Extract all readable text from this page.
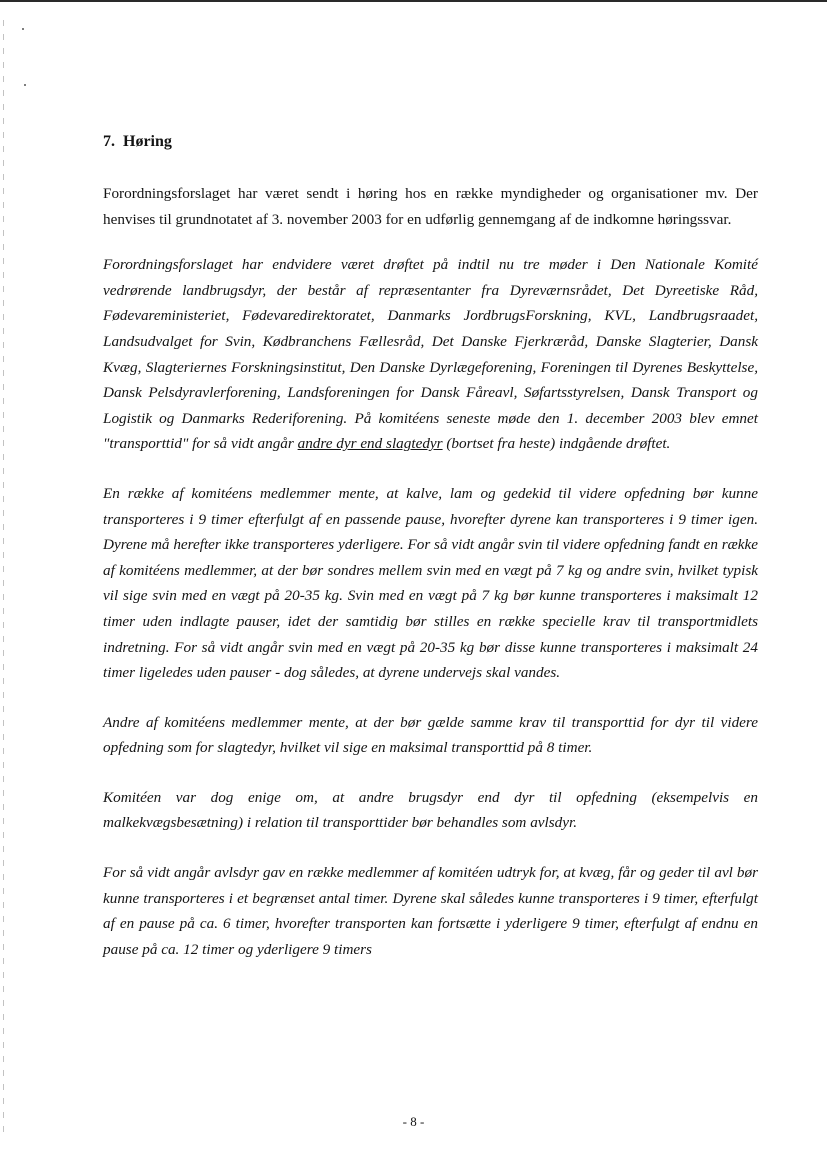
7. Høring

Forordningsforslaget har været sendt i høring hos en række myndigheder og organisationer mv. Der henvises til grundnotatet af 3. november 2003 for en udførlig gennemgang af de indkomne høringssvar.

Forordningsforslaget har endvidere været drøftet på indtil nu tre møder i Den Nationale Komité vedrørende landbrugsdyr, der består af repræsentanter fra Dyreværnsrådet, Det Dyreetiske Råd, Fødevareministeriet, Fødevaredirektoratet, Danmarks JordbrugsForskning, KVL, Landbrugsraadet, Landsudvalget for Svin, Kødbranchens Fællesråd, Det Danske Fjerkræråd, Danske Slagterier, Dansk Kvæg, Slagteriernes Forskningsinstitut, Den Danske Dyrlægeforening, Foreningen til Dyrenes Beskyttelse, Dansk Pelsdyravlerforening, Landsforeningen for Dansk Fåreavl, Søfartsstyrelsen, Dansk Transport og Logistik og Danmarks Rederiforening. På komitéens seneste møde den 1. december 2003 blev emnet "transporttid" for så vidt angår andre dyr end slagtedyr (bortset fra heste) indgående drøftet.

En række af komitéens medlemmer mente, at kalve, lam og gedekid til videre opfedning bør kunne transporteres i 9 timer efterfulgt af en passende pause, hvorefter dyrene kan transporteres i 9 timer igen. Dyrene må herefter ikke transporteres yderligere. For så vidt angår svin til videre opfedning fandt en række af komitéens medlemmer, at der bør sondres mellem svin med en vægt på 7 kg og andre svin, hvilket typisk vil sige svin med en vægt på 20-35 kg. Svin med en vægt på 7 kg bør kunne transporteres i maksimalt 12 timer uden indlagte pauser, idet der samtidig bør stilles en række specielle krav til transportmidlets indretning. For så vidt angår svin med en vægt på 20-35 kg bør disse kunne transporteres i maksimalt 24 timer ligeledes uden pauser - dog således, at dyrene undervejs skal vandes.

Andre af komitéens medlemmer mente, at der bør gælde samme krav til transporttid for dyr til videre opfedning som for slagtedyr, hvilket vil sige en maksimal transporttid på 8 timer.

Komitéen var dog enige om, at andre brugsdyr end dyr til opfedning (eksempelvis en malkekvægsbesætning) i relation til transporttider bør behandles som avlsdyr.

For så vidt angår avlsdyr gav en række medlemmer af komitéen udtryk for, at kvæg, får og geder til avl bør kunne transporteres i et begrænset antal timer. Dyrene skal således kunne transporteres i 9 timer, efterfulgt af en pause på ca. 6 timer, hvorefter transporten kan fortsætte i yderligere 9 timer, efterfulgt af endnu en pause på ca. 12 timer og yderligere 9 timers

- 8 -
